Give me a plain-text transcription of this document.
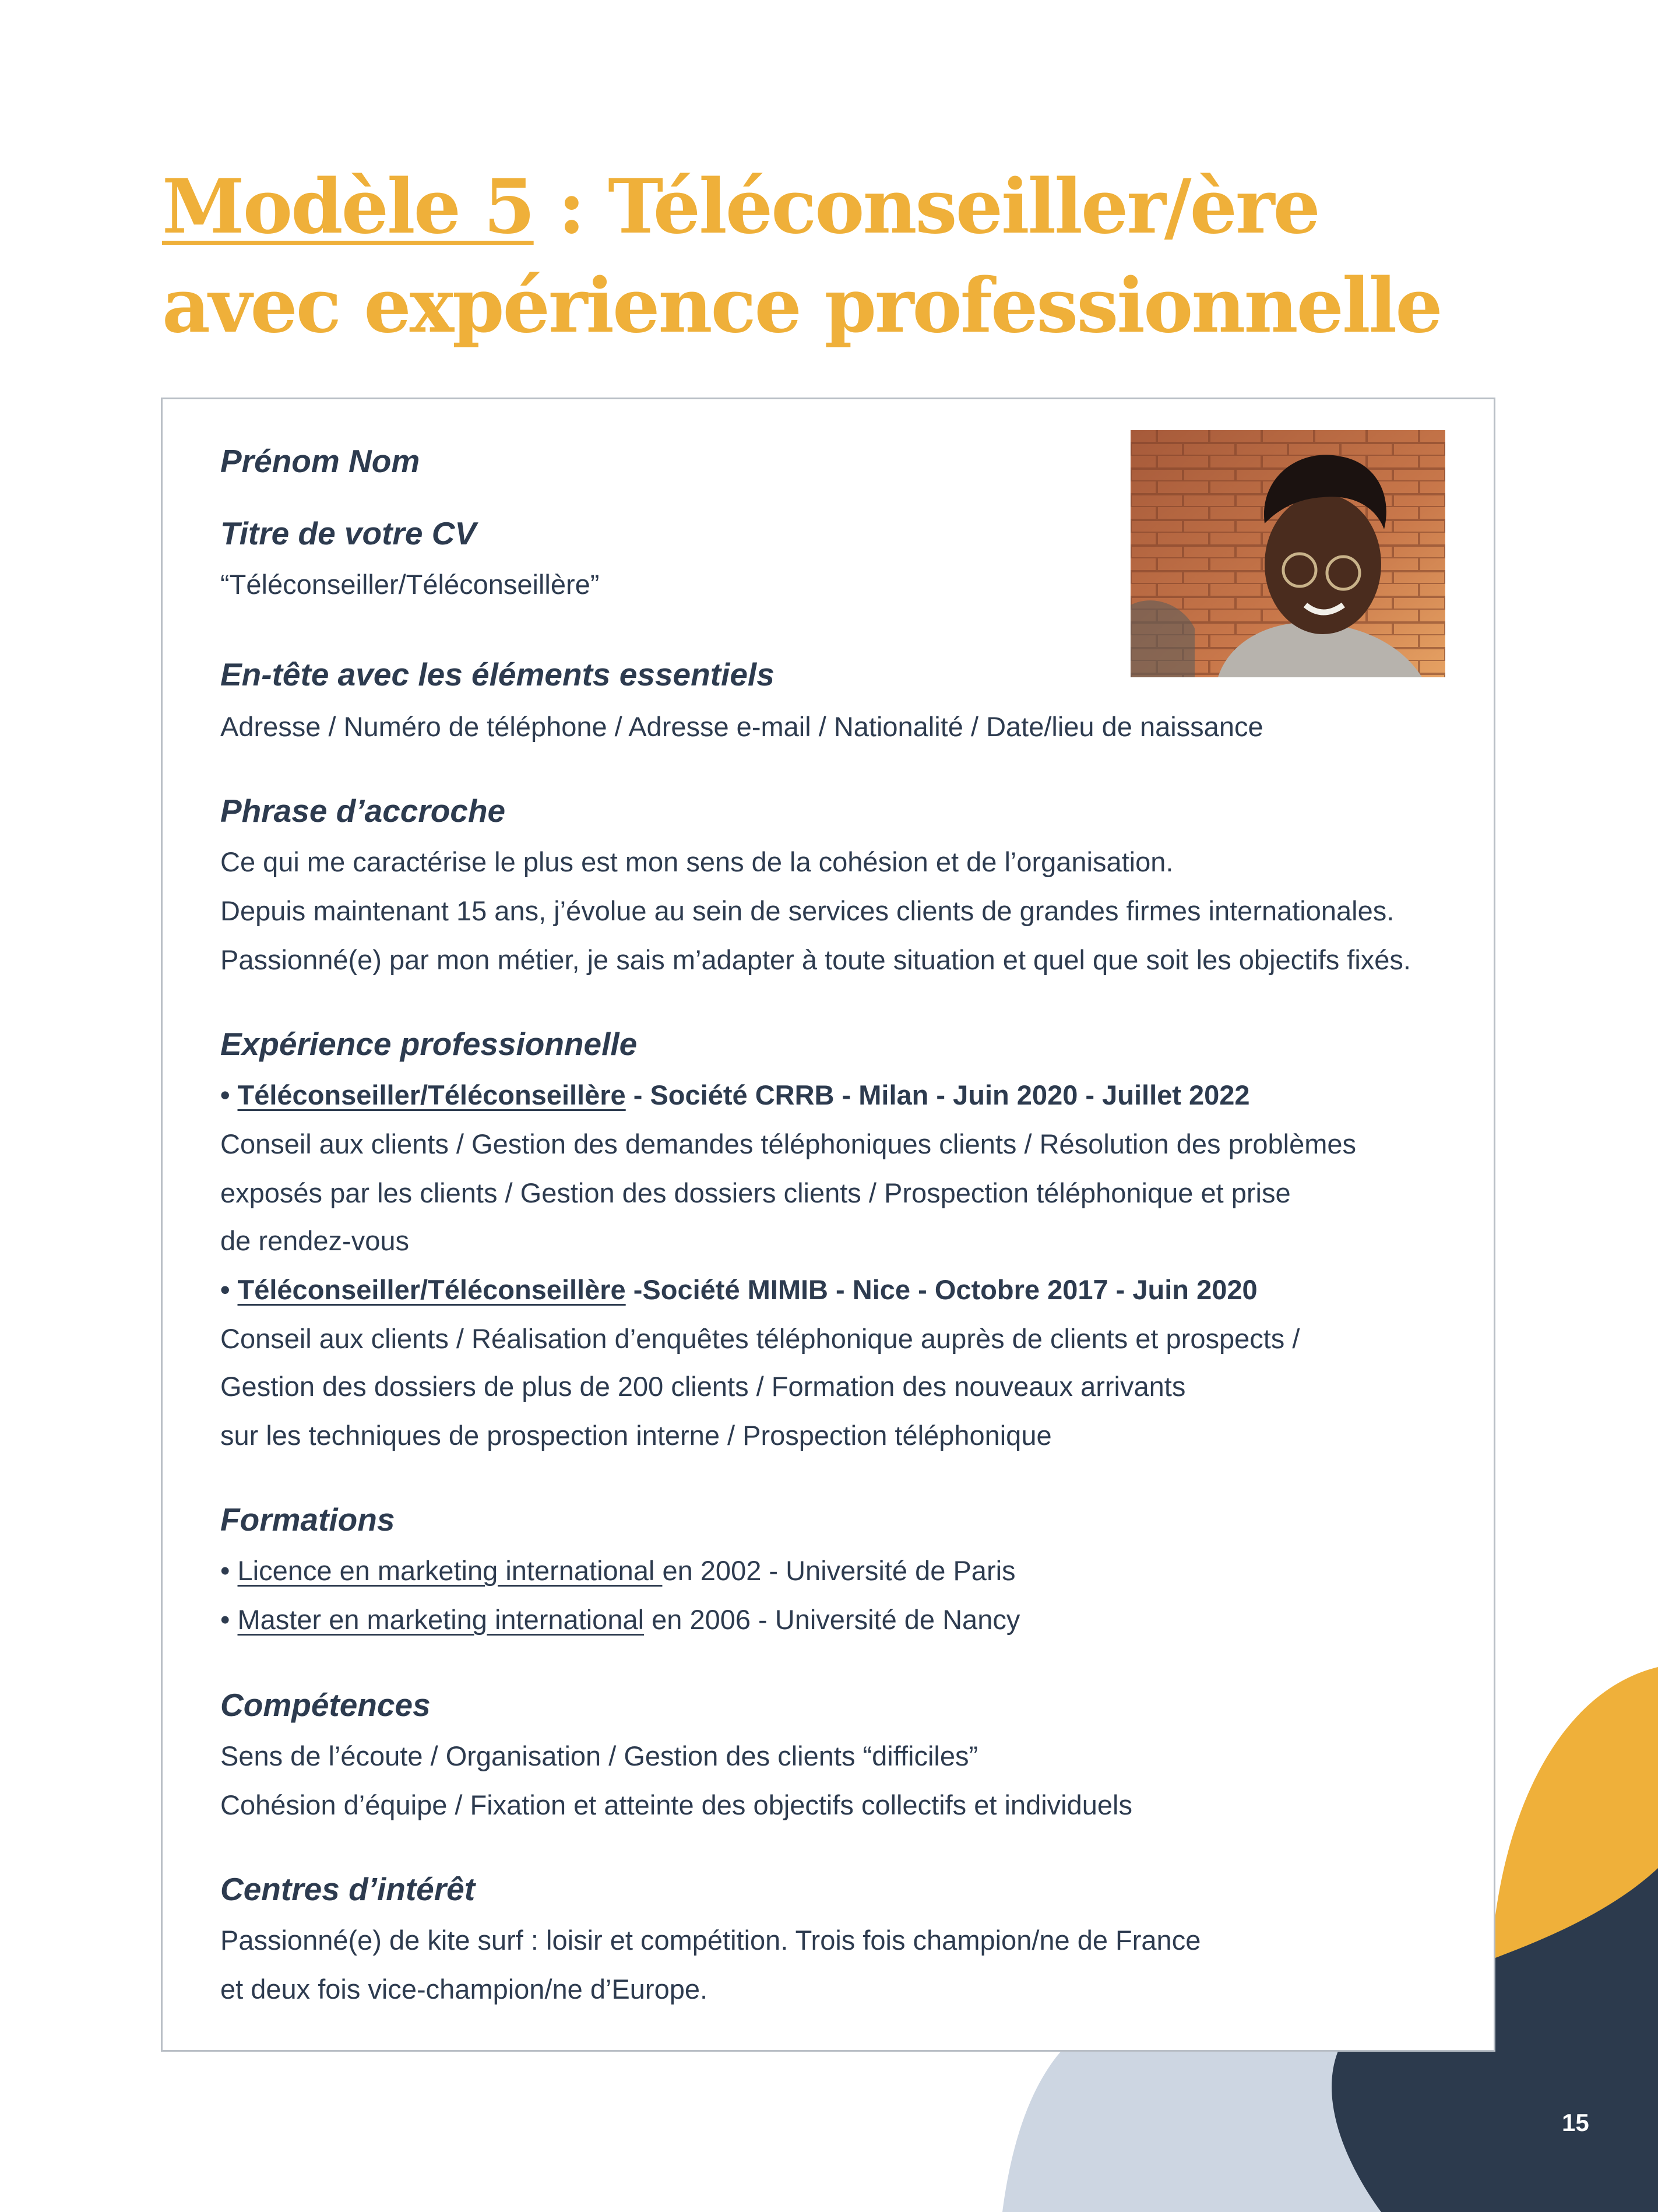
Modèle 5 : Téléconseiller/ère
avec expérience professionnelle
Prénom Nom
Titre de votre CV
“Téléconseiller/Téléconseillère”
En-tête avec les éléments essentiels
Adresse / Numéro de téléphone / Adresse e-mail / Nationalité / Date/lieu de naissance
Phrase d’accroche
Ce qui me caractérise le plus est mon sens de la cohésion et de l’organisation.
Depuis maintenant 15 ans, j’évolue au sein de services clients de grandes firmes internationales.
Passionné(e) par mon métier, je sais m’adapter à toute situation et quel que soit les objectifs fixés.
Expérience professionnelle
• Téléconseiller/Téléconseillère - Société CRRB - Milan - Juin 2020 - Juillet 2022
Conseil aux clients / Gestion des demandes téléphoniques clients / Résolution des problèmes
exposés par les clients / Gestion des dossiers clients / Prospection téléphonique et prise
de rendez-vous
• Téléconseiller/Téléconseillère -Société MIMIB - Nice - Octobre 2017 - Juin 2020
Conseil aux clients / Réalisation d’enquêtes téléphonique auprès de clients et prospects /
Gestion des dossiers de plus de 200 clients / Formation des nouveaux arrivants
sur les techniques de prospection interne / Prospection téléphonique
Formations
• Licence en marketing international en 2002 - Université de Paris
• Master en marketing international en 2006 - Université de Nancy
Compétences
Sens de l’écoute / Organisation / Gestion des clients “difficiles”
Cohésion d’équipe / Fixation et atteinte des objectifs collectifs et individuels
Centres d’intérêt
Passionné(e) de kite surf : loisir et compétition. Trois fois champion/ne de France
et deux fois vice-champion/ne d’Europe.
15
